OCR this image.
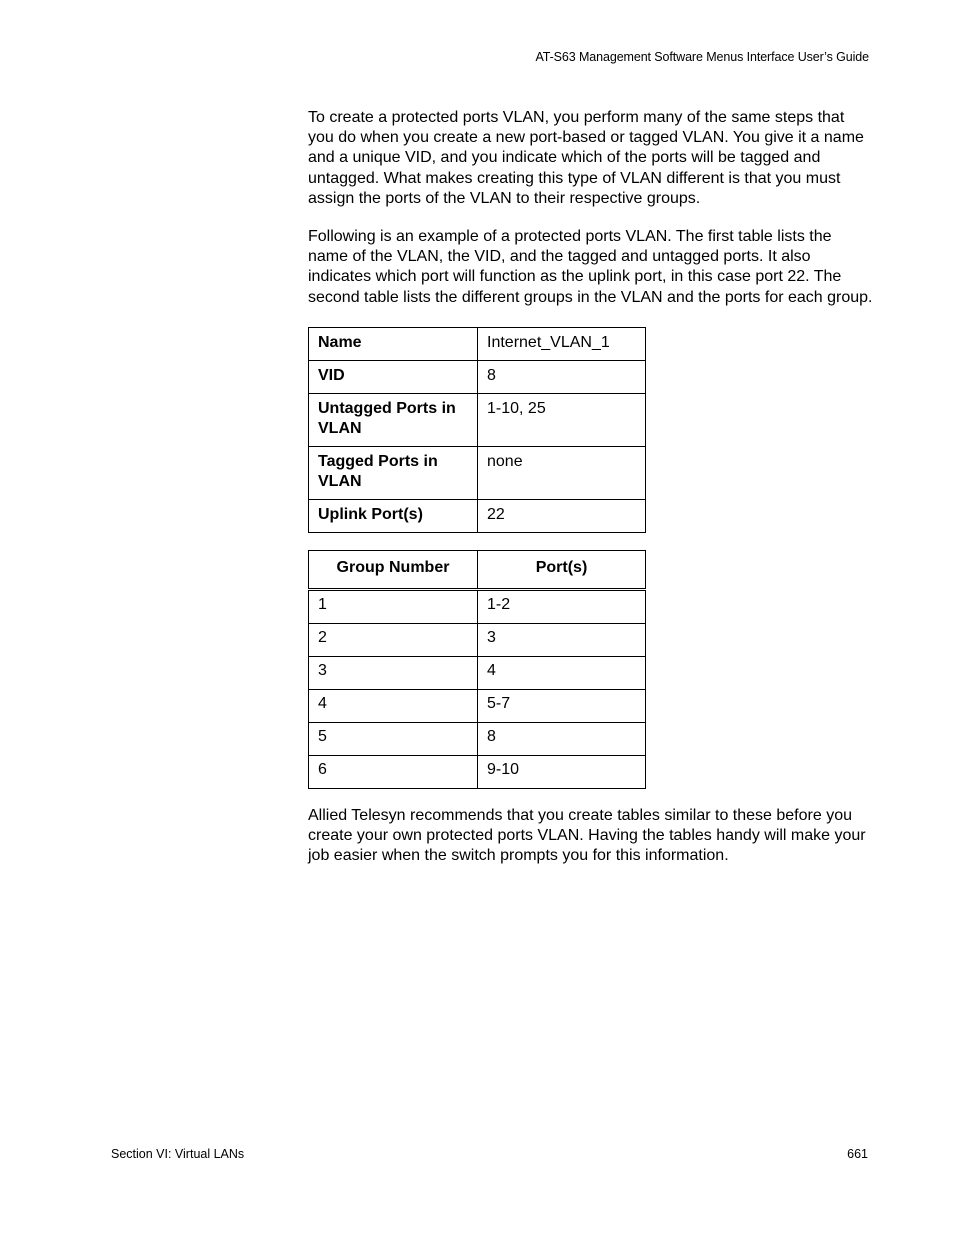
AT-S63 Management Software Menus Interface User’s Guide

To create a protected ports VLAN, you perform many of the same steps that you do when you create a new port-based or tagged VLAN. You give it a name and a unique VID, and you indicate which of the ports will be tagged and untagged. What makes creating this type of VLAN different is that you must assign the ports of the VLAN to their respective groups.

Following is an example of a protected ports VLAN. The first table lists the name of the VLAN, the VID, and the tagged and untagged ports. It also indicates which port will function as the uplink port, in this case port 22. The second table lists the different groups in the VLAN and the ports for each group.

Name	Internet_VLAN_1
VID	8
Untagged Ports in VLAN	1-10, 25
Tagged Ports in VLAN	none
Uplink Port(s)	22
Group Number	Port(s)
1	1-2
2	3
3	4
4	5-7
5	8
6	9-10

Allied Telesyn recommends that you create tables similar to these before you create your own protected ports VLAN. Having the tables handy will make your job easier when the switch prompts you for this information.

Section VI: Virtual LANs	661
